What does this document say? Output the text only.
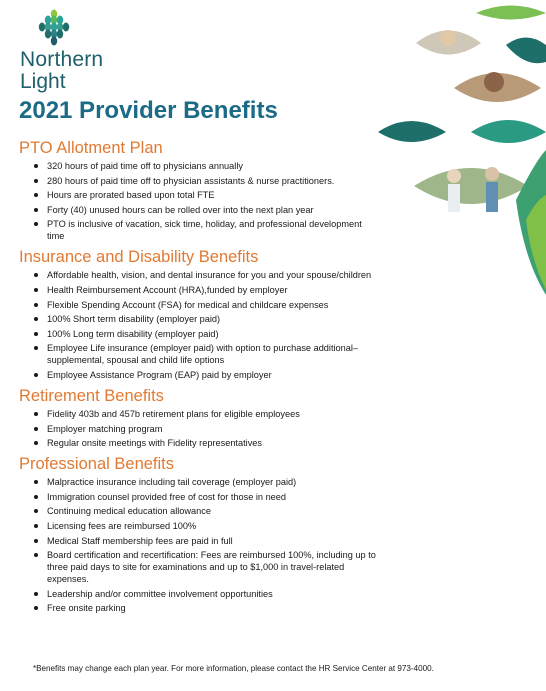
Northern
Light
2021 Provider Benefits
PTO Allotment Plan
320 hours of paid time off to physicians annually
280 hours of paid time off to physician assistants & nurse practitioners.
Hours are prorated based upon total FTE
Forty (40) unused hours can be rolled over into the next plan year
PTO is inclusive of vacation, sick time, holiday, and professional development time
Insurance and Disability Benefits
Affordable health, vision, and dental insurance for you and your spouse/children
Health Reimbursement Account (HRA),funded by employer
Flexible Spending Account (FSA) for medical and childcare expenses
100% Short term disability (employer paid)
100% Long term disability (employer paid)
Employee Life insurance (employer paid) with option to purchase additional– supplemental, spousal and child life options
Employee Assistance Program (EAP) paid by employer
Retirement Benefits
Fidelity 403b and 457b retirement plans for eligible employees
Employer matching program
Regular onsite meetings with Fidelity representatives
Professional Benefits
Malpractice insurance including tail coverage (employer paid)
Immigration counsel provided free of cost for those in need
Continuing medical education allowance
Licensing fees are reimbursed 100%
Medical Staff membership fees are paid in full
Board certification and recertification: Fees are reimbursed 100%, including up to three paid days to site for examinations and up to $1,000 in travel-related expenses.
Leadership and/or committee involvement opportunities
Free onsite parking
*Benefits may change each plan year. For more information, please contact the HR Service Center at 973-4000.
